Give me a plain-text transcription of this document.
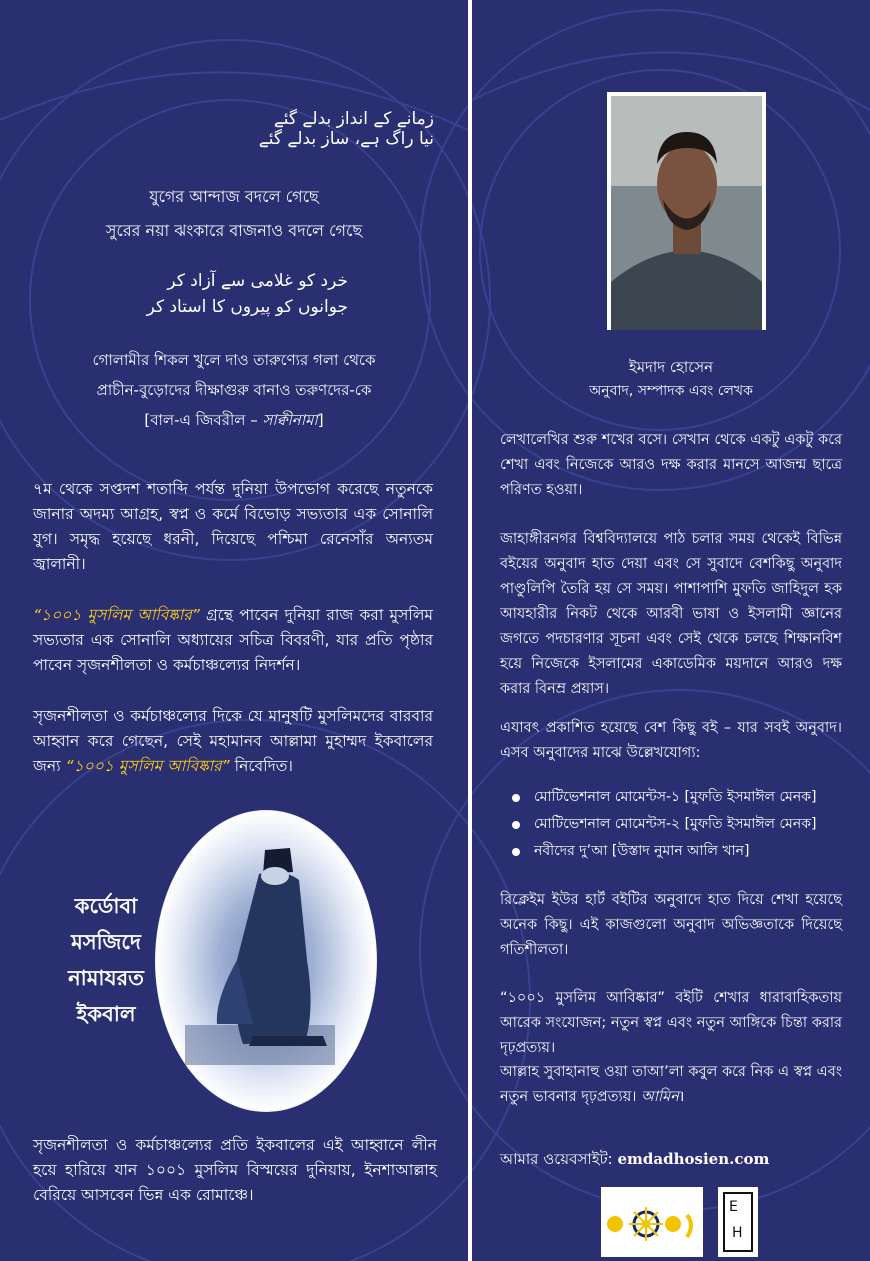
زمانے کے انداز بدلے گئے
نیا راگ ہے، ساز بدلے گئے
যুগের আন্দাজ বদলে গেছে
সুরের নয়া ঝংকারে বাজনাও বদলে গেছে
خرد کو غلامی سے آزاد کر
جوانوں کو پیروں کا استاد کر
গোলামীর শিকল খুলে দাও তারুণ্যের গলা থেকে
প্রাচীন-বুড়োদের দীক্ষাগুরু বানাও তরুণদের-কে
[বাল-এ জিবরীল – সাক্বীনামা]
৭ম থেকে সপ্তদশ শতাব্দি পর্যন্ত দুনিয়া উপভোগ করেছে নতুনকে জানার অদম্য আগ্রহ, স্বপ্ন ও কর্মে বিভোড় সভ্যতার এক সোনালি যুগ। সমৃদ্ধ হয়েছে ধরনী, দিয়েছে পশ্চিমা রেনেসাঁর অন্যতম জ্বালানী।
“১০০১ মুসলিম আবিষ্কার” গ্রন্থে পাবেন দুনিয়া রাজ করা মুসলিম সভ্যতার এক সোনালি অধ্যায়ের সচিত্র বিবরণী, যার প্রতি পৃষ্ঠার পাবেন সৃজনশীলতা ও কর্মচাঞ্চল্যের নিদর্শন।
সৃজনশীলতা ও কর্মচাঞ্চল্যের দিকে যে মানুষটি মুসলিমদের বারবার আহ্বান করে গেছেন, সেই মহামানব আল্লামা মুহাম্মদ ইকবালের জন্য “১০০১ মুসলিম আবিষ্কার” নিবেদিত।
কর্ডোবা
মসজিদে
নামাযরত
ইকবাল
সৃজনশীলতা ও কর্মচাঞ্চল্যের প্রতি ইকবালের এই আহ্বানে লীন হয়ে হারিয়ে যান ১০০১ মুসলিম বিস্ময়ের দুনিয়ায়, ইনশাআল্লাহ বেরিয়ে আসবেন ভিন্ন এক রোমাঞ্চে।
ইমদাদ হোসেন
অনুবাদ, সম্পাদক এবং লেখক
লেখালেখির শুরু শখের বসে। সেখান থেকে একটু একটু করে শেখা এবং নিজেকে আরও দক্ষ করার মানসে আজন্ম ছাত্রে পরিণত হওয়া।
জাহাঙ্গীরনগর বিশ্ববিদ্যালয়ে পাঠ চলার সময় থেকেই বিভিন্ন বইয়ের অনুবাদ হাত দেয়া এবং সে সুবাদে বেশকিছু অনুবাদ পাণ্ডুলিপি তৈরি হয় সে সময়। পাশাপাশি মুফতি জাহিদুল হক আযহারীর নিকট থেকে আরবী ভাষা ও ইসলামী জ্ঞানের জগতে পদচারণার সূচনা এবং সেই থেকে চলছে শিক্ষানবিশ হয়ে নিজেকে ইসলামের একাডেমিক ময়দানে আরও দক্ষ করার বিনম্র প্রয়াস।
এযাবৎ প্রকাশিত হয়েছে বেশ কিছু বই – যার সবই অনুবাদ। এসব অনুবাদের মাঝে উল্লেখযোগ্য:
মোটিভেশনাল মোমেন্টস-১ [মুফতি ইসমাঈল মেনক]
মোটিভেশনাল মোমেন্টস-২ [মুফতি ইসমাঈল মেনক]
নবীদের দু’আ [উস্তাদ নুমান আলি খান]
রিক্লেইম ইউর হার্ট বইটির অনুবাদে হাত দিয়ে শেখা হয়েছে অনেক কিছু। এই কাজগুলো অনুবাদ অভিজ্ঞতাকে দিয়েছে গতিশীলতা।
“১০০১ মুসলিম আবিষ্কার” বইটি শেখার ধারাবাহিকতায় আরেক সংযোজন; নতুন স্বপ্ন এবং নতুন আঙ্গিকে চিন্তা করার দৃঢ়প্রত্যয়।
আল্লাহ সুবাহানাহু ওয়া তাআ’লা কবুল করে নিক এ স্বপ্ন এবং নতুন ভাবনার দৃঢ়প্রত্যয়। আমিন।
আমার ওয়েবসাইট: emdadhosien.com
E
H
